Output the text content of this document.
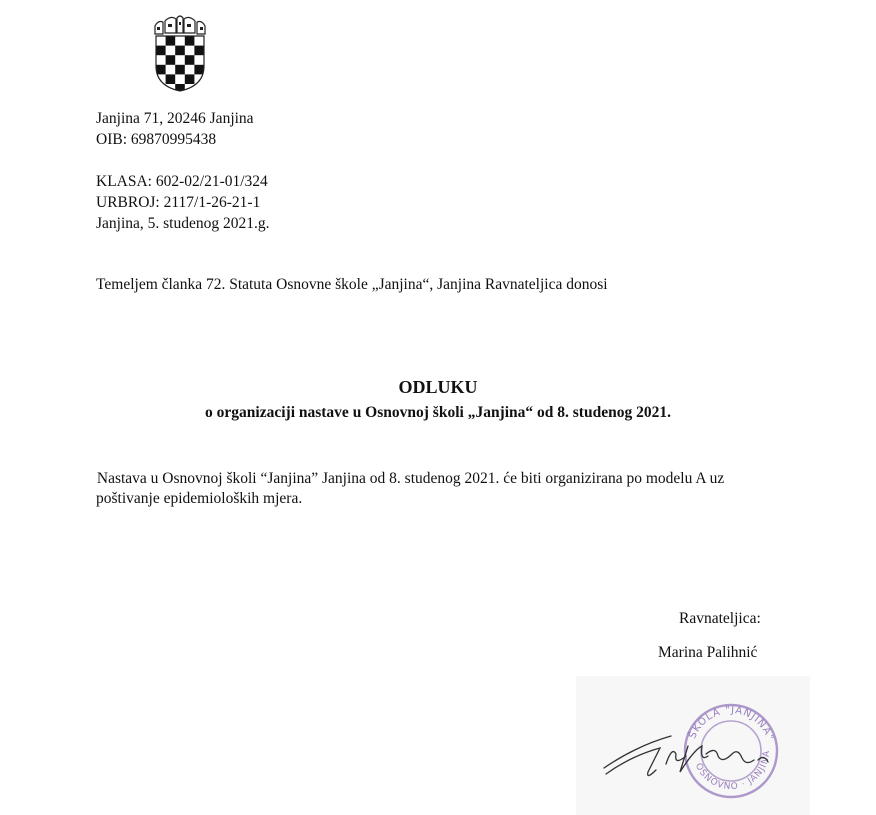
Janjina 71, 20246 Janjina
OIB: 69870995438
KLASA: 602-02/21-01/324
URBROJ: 2117/1-26-21-1
Janjina, 5. studenog 2021.g.
Temeljem članka 72. Statuta Osnovne škole „Janjina“, Janjina Ravnateljica donosi
ODLUKU
o organizaciji nastave u Osnovnoj školi „Janjina“ od 8. studenog 2021.
Nastava u Osnovnoj školi “Janjina” Janjina od 8. studenog 2021. će biti organizirana po modelu A uz
poštivanje epidemioloških mjera.
Ravnateljica:
Marina Palihnić
ŠKOLA "JANJINA"
OSNOVNO · JANJINA
